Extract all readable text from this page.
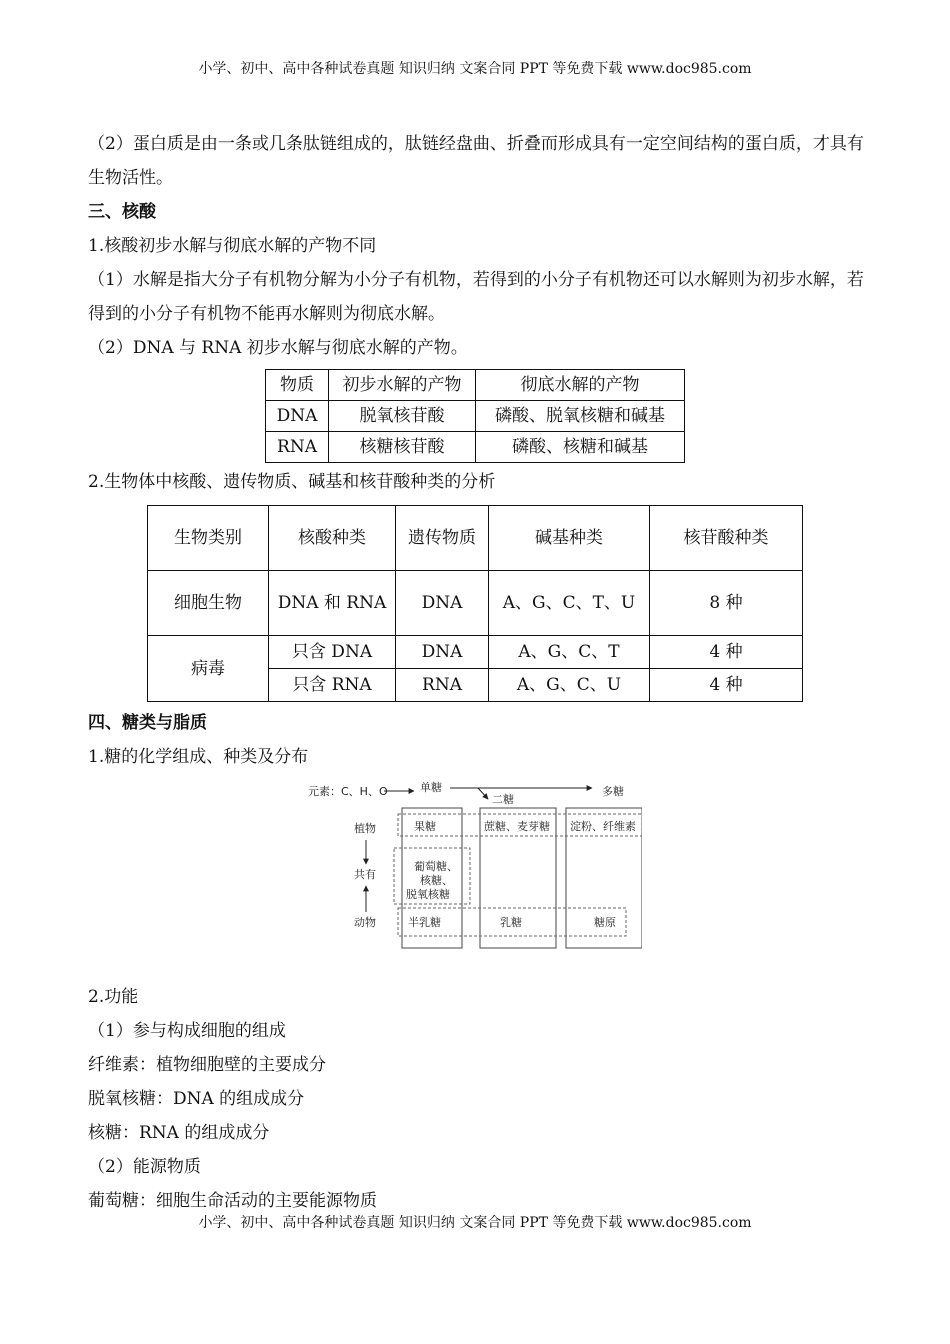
小学、初中、高中各种试卷真题 知识归纳 文案合同 PPT 等免费下载 www.doc985.com

（2）蛋白质是由一条或几条肽链组成的，肽链经盘曲、折叠而形成具有一定空间结构的蛋白质，才具有生物活性。

三、核酸

1.核酸初步水解与彻底水解的产物不同

（1）水解是指大分子有机物分解为小分子有机物，若得到的小分子有机物还可以水解则为初步水解，若得到的小分子有机物不能再水解则为彻底水解。

（2）DNA 与 RNA 初步水解与彻底水解的产物。

物质	初步水解的产物	彻底水解的产物
DNA	脱氧核苷酸	磷酸、脱氧核糖和碱基
RNA	核糖核苷酸	磷酸、核糖和碱基

2.生物体中核酸、遗传物质、碱基和核苷酸种类的分析

生物类别	核酸种类	遗传物质	碱基种类	核苷酸种类
细胞生物	DNA 和 RNA	DNA	A、G、C、T、U	8 种
病毒	只含 DNA	DNA	A、G、C、T	4 种
	只含 RNA	RNA	A、G、C、U	4 种

四、糖类与脂质

1.糖的化学组成、种类及分布

元素：C、H、O	单糖
二糖
多糖
植物
共有
动物
果糖	蔗糖、麦芽糖 淀粉、纤维素
葡萄糖、
核糖、
脱氧核糖
半乳糖	乳糖	糖原

2.功能

（1）参与构成细胞的组成

纤维素：植物细胞壁的主要成分

脱氧核糖：DNA 的组成成分

核糖：RNA 的组成成分

（2）能源物质

葡萄糖：细胞生命活动的主要能源物质

小学、初中、高中各种试卷真题 知识归纳 文案合同 PPT 等免费下载 www.doc985.com
